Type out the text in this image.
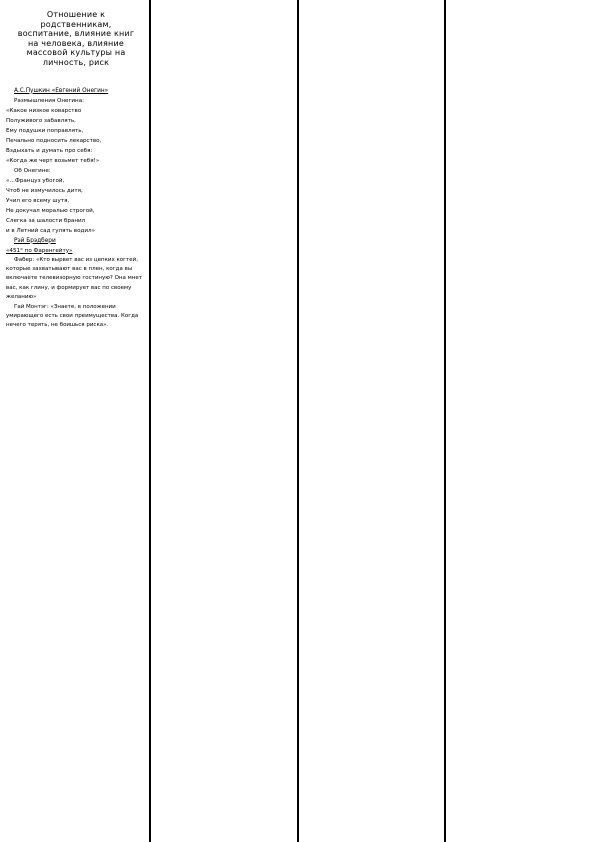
Отношение к
родственникам,
воспитание, влияние книг
на человека, влияние
массовой культуры на
личность, риск
А.С.Пушкин «Евгений Онегин»
Размышления Онегина:
«Какое низкое коварство
Полуживого забавлять,
Ему подушки поправлять,
Печально подносить лекарство,
Вздыхать и думать про себя:
«Когда же черт возьмет тебя!»
Об Онегине:
«…Француз убогой,
Чтоб не измучилось дитя,
Учил его всему шутя,
Не докучал моралью строгой,
Слегка за шалости бранил
и в Летний сад гулять водил»
Рэй Брэдбери
«451° по Фаренгейту»

Фабер: «Кто вырвет вас из цепких когтей, которые захватывают вас в плен, когда вы включаете телевизорную гостиную? Она мнет вас, как глину, и формирует вас по своему желанию»

Гай Монтэг: «Знаете, в положении умирающего есть свои преимущества. Когда нечего терять, не боишься риска».
